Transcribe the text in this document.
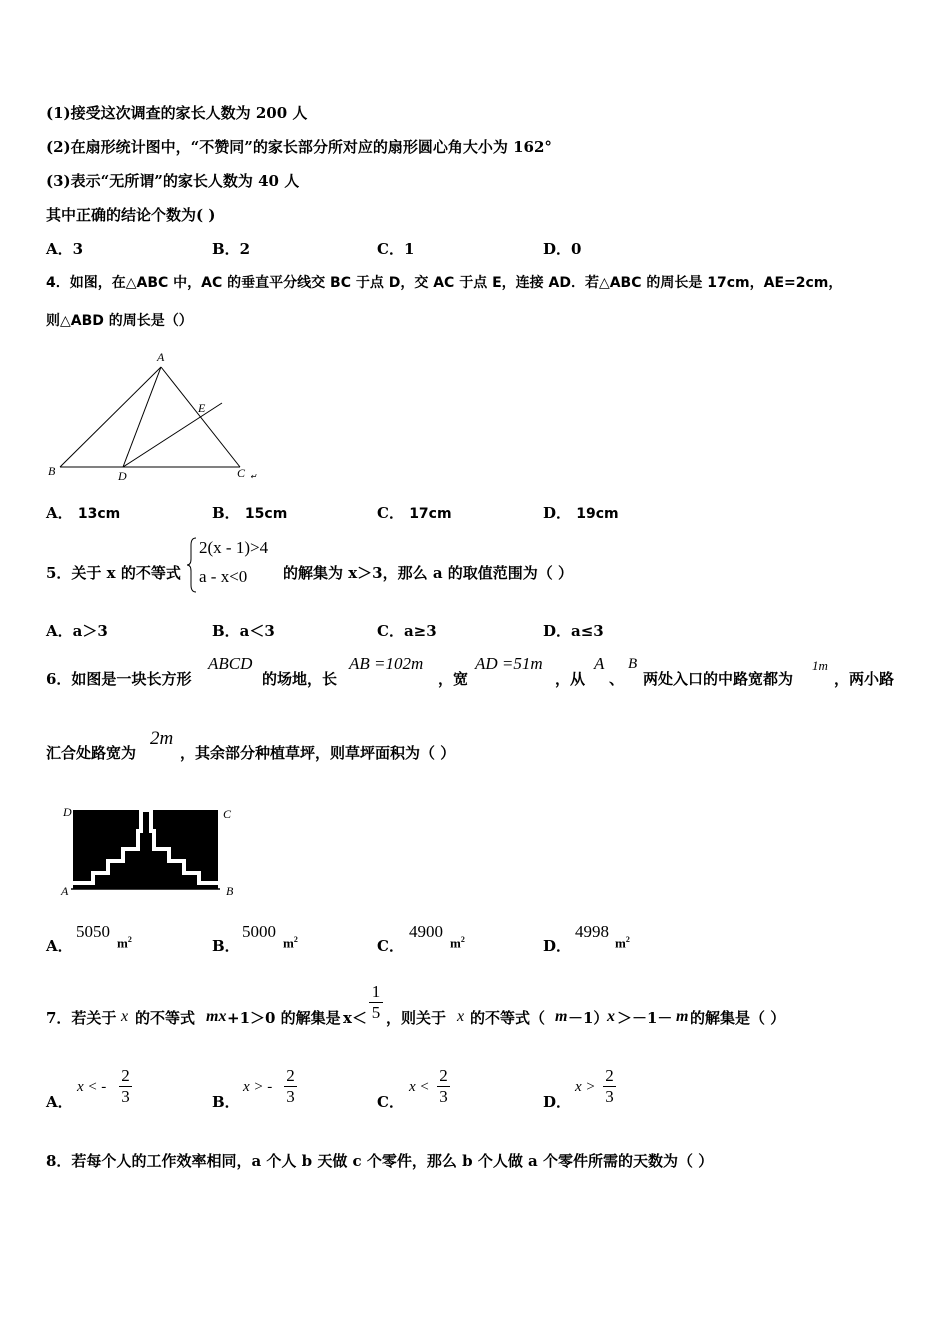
(1)接受这次调查的家长人数为 200 人
(2)在扇形统计图中，“不赞同”的家长部分所对应的扇形圆心角大小为 162°
(3)表示“无所谓”的家长人数为 40 人
其中正确的结论个数为( )
A．3	B．2	C．1	D．0
4．如图，在△ABC 中，AC 的垂直平分线交 BC 于点 D，交 AC 于点 E，连接 AD．若△ABC 的周长是 17cm，AE=2cm，
则△ABD 的周长是（）
A
B	C ↵
D
E
A． 13cm	B． 15cm	C． 17cm	D． 19cm
5．关于 x 的不等式
2(x - 1)>4
a - x<0 的解集为 x＞3，那么 a 的取值范围为（ ）
A．a＞3	B．a＜3	C．a≥3	D．a≤3
6．如图是一块长方形
ABCD
的场地，长
AB =102m
，宽
AD =51m
，从
A
、
B
两处入口的中路宽都为
1m
，两小路
汇合处路宽为
2m
，其余部分种植草坪，则草坪面积为（ ）
D	C
A	B
A．
5050
$m^2$	B．
5000
$m^2$	C．
4900
$m^2$	D．
4998
$m^2$
7．若关于 x 的不等式 mx +1＞0 的解集是 $x< \frac{1}{5}$ ，则关于 x 的不等式（ m －1）
x ＞－1－ m 的解集是（ ）
A．
x < - $\frac{2}{3}$	B．
x > - $\frac{2}{3}$	C．
$x < \frac{2}{3}$	D．
$x > \frac{2}{3}$
8．若每个人的工作效率相同，a 个人 b 天做 c 个零件，那么 b 个人做 a 个零件所需的天数为（ ）
